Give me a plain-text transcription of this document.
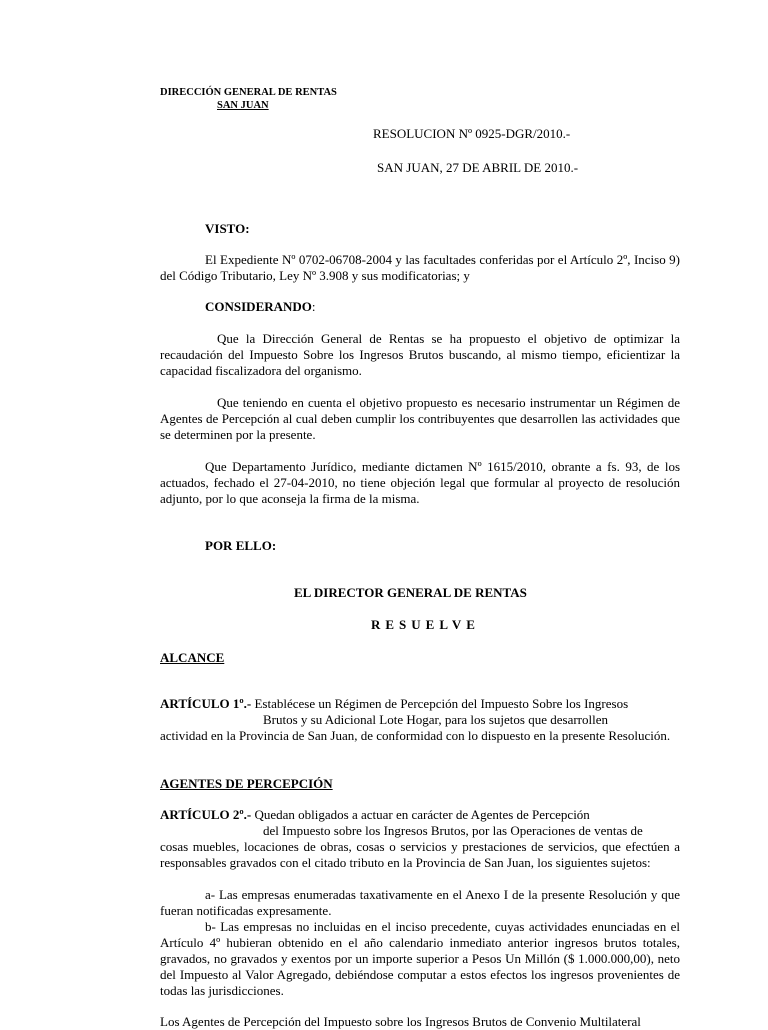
DIRECCIÓN GENERAL DE RENTAS
SAN JUAN
RESOLUCION Nº 0925-DGR/2010.-
SAN JUAN, 27 DE ABRIL DE 2010.-
VISTO:
El Expediente Nº 0702-06708-2004 y las facultades conferidas por el Artículo 2º, Inciso 9) del Código Tributario, Ley Nº 3.908 y sus modificatorias; y
CONSIDERANDO:
Que la Dirección General de Rentas se ha propuesto el objetivo de optimizar la recaudación del Impuesto Sobre los Ingresos Brutos buscando, al mismo tiempo, eficientizar la capacidad fiscalizadora del organismo.
Que teniendo en cuenta el objetivo propuesto es necesario instrumentar un Régimen de Agentes de Percepción al cual deben cumplir los contribuyentes que desarrollen las actividades que se determinen por la presente.
Que Departamento Jurídico, mediante dictamen Nº 1615/2010, obrante a fs. 93, de los actuados, fechado el 27-04-2010, no tiene objeción legal que formular al proyecto de resolución adjunto, por lo que aconseja la firma de la misma.
POR ELLO:
EL DIRECTOR GENERAL DE RENTAS
RESUELVE
ALCANCE
ARTÍCULO 1º.- Establécese un Régimen de Percepción del Impuesto Sobre los Ingresos
Brutos y su Adicional Lote Hogar, para los sujetos que desarrollen
actividad en la Provincia de San Juan, de conformidad con lo dispuesto en la presente Resolución.
AGENTES DE PERCEPCIÓN
ARTÍCULO 2º.- Quedan obligados a actuar en carácter de Agentes de Percepción
del Impuesto sobre los Ingresos Brutos, por las Operaciones de ventas de
cosas muebles, locaciones de obras, cosas o servicios y prestaciones de servicios, que efectúen a responsables gravados con el citado tributo en la Provincia de San Juan, los siguientes sujetos:
a- Las empresas enumeradas taxativamente en el Anexo I de la presente Resolución y que fueran notificadas expresamente.
b- Las empresas no incluidas en el inciso precedente, cuyas actividades enunciadas en el Artículo 4º hubieran obtenido en el año calendario inmediato anterior ingresos brutos totales, gravados, no gravados y exentos por un importe superior a Pesos Un Millón ($ 1.000.000,00), neto del Impuesto al Valor Agregado, debiéndose computar a estos efectos los ingresos provenientes de todas las jurisdicciones.
Los Agentes de Percepción del Impuesto sobre los Ingresos Brutos de Convenio Multilateral
